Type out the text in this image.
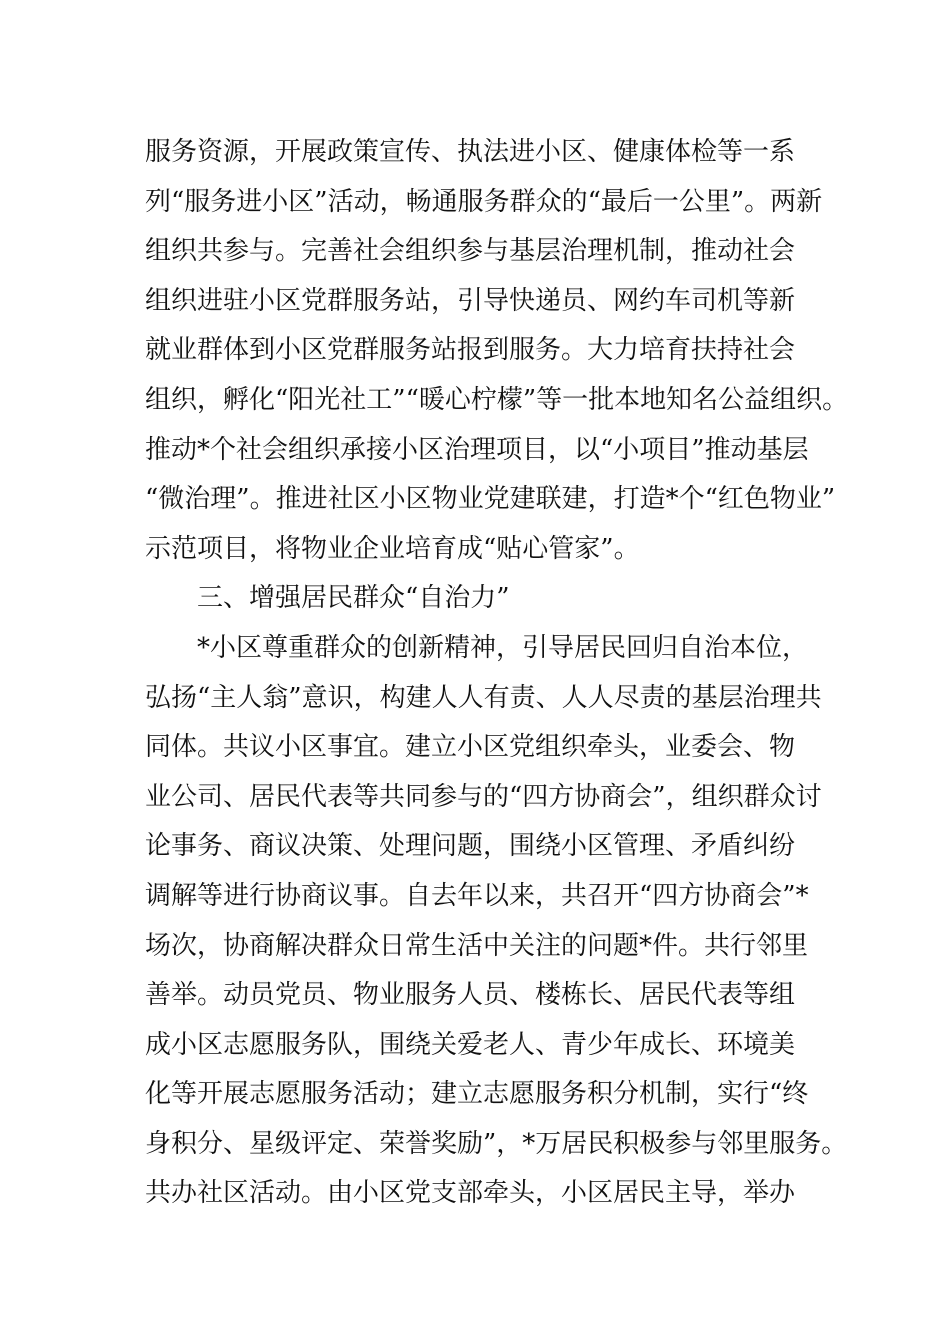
服务资源，开展政策宣传、执法进小区、健康体检等一系
列“服务进小区”活动，畅通服务群众的“最后一公里”。两新
组织共参与。完善社会组织参与基层治理机制，推动社会
组织进驻小区党群服务站，引导快递员、网约车司机等新
就业群体到小区党群服务站报到服务。大力培育扶持社会
组织，孵化“阳光社工”“暖心柠檬”等一批本地知名公益组织。
推动*个社会组织承接小区治理项目，以“小项目”推动基层
“微治理”。推进社区小区物业党建联建，打造*个“红色物业”
示范项目，将物业企业培育成“贴心管家”。
三、增强居民群众“自治力”
*小区尊重群众的创新精神，引导居民回归自治本位，
弘扬“主人翁”意识，构建人人有责、人人尽责的基层治理共
同体。共议小区事宜。建立小区党组织牵头，业委会、物
业公司、居民代表等共同参与的“四方协商会”，组织群众讨
论事务、商议决策、处理问题，围绕小区管理、矛盾纠纷
调解等进行协商议事。自去年以来，共召开“四方协商会”*
场次，协商解决群众日常生活中关注的问题*件。共行邻里
善举。动员党员、物业服务人员、楼栋长、居民代表等组
成小区志愿服务队，围绕关爱老人、青少年成长、环境美
化等开展志愿服务活动；建立志愿服务积分机制，实行“终
身积分、星级评定、荣誉奖励”，*万居民积极参与邻里服务。
共办社区活动。由小区党支部牵头，小区居民主导，举办
